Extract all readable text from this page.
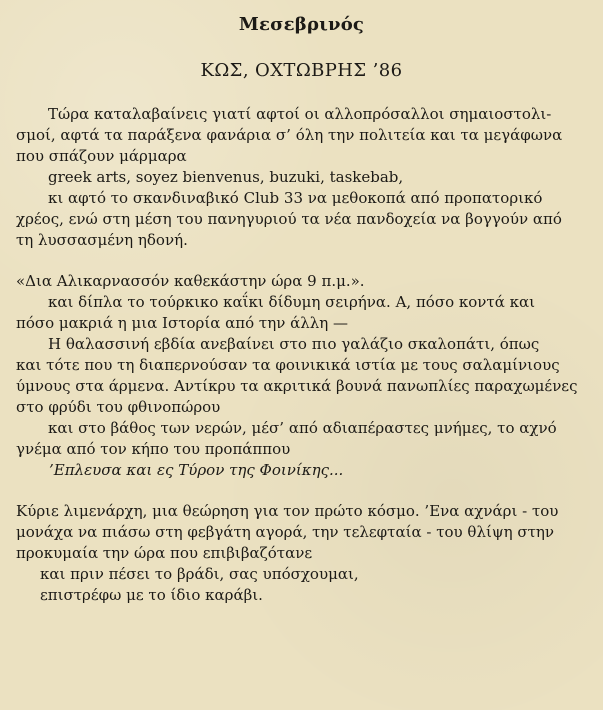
Μεσεβρινός
ΚΩΣ, ΟΧΤΩΒΡΗΣ ’86
Τώρα καταλαβαίνεις γιατί αφτοί οι αλλοπρόσαλλοι σημαιοστολι-
σμοί, αφτά τα παράξενα φανάρια σ’ όλη την πολιτεία και τα μεγάφωνα
που σπάζουν μάρμαρα
greek arts, soyez bienvenus, buzuki, taskebab,
κι αφτό το σκανδιναβικό Club 33 να μεθοκοπά από προπατορικό
χρέος, ενώ στη μέση του πανηγυριού τα νέα πανδοχεία να βογγούν από
τη λυσσασμένη ηδονή.
«Δια Αλικαρνασσόν καθεκάστην ώρα 9 π.μ.».
και δίπλα το τούρκικο καΐκι δίδυμη σειρήνα. Α, πόσο κοντά και
πόσο μακριά η μια Ιστορία από την άλλη —
Η θαλασσινή εβδία ανεβαίνει στο πιο γαλάζιο σκαλοπάτι, όπως
και τότε που τη διαπερνούσαν τα φοινικικά ιστία με τους σαλαμίνιους
ύμνους στα άρμενα. Αντίκρυ τα ακριτικά βουνά πανωπλίες παραχωμένες
στο φρύδι του φθινοπώρου
και στο βάθος των νερών, μέσ’ από αδιαπέραστες μνήμες, το αχνό
γνέμα από τον κήπο του προπάππου
’Επλευσα και ες Τύρον της Φοινίκης...
Κύριε λιμενάρχη, μια θεώρηση για τον πρώτο κόσμο. ’Ενα αχνάρι - του
μονάχα να πιάσω στη φεβγάτη αγορά, την τελεφταία - του θλίψη στην
προκυμαία την ώρα που επιβιβαζότανε
και πριν πέσει το βράδι, σας υπόσχουμαι,
επιστρέφω με το ίδιο καράβι.
